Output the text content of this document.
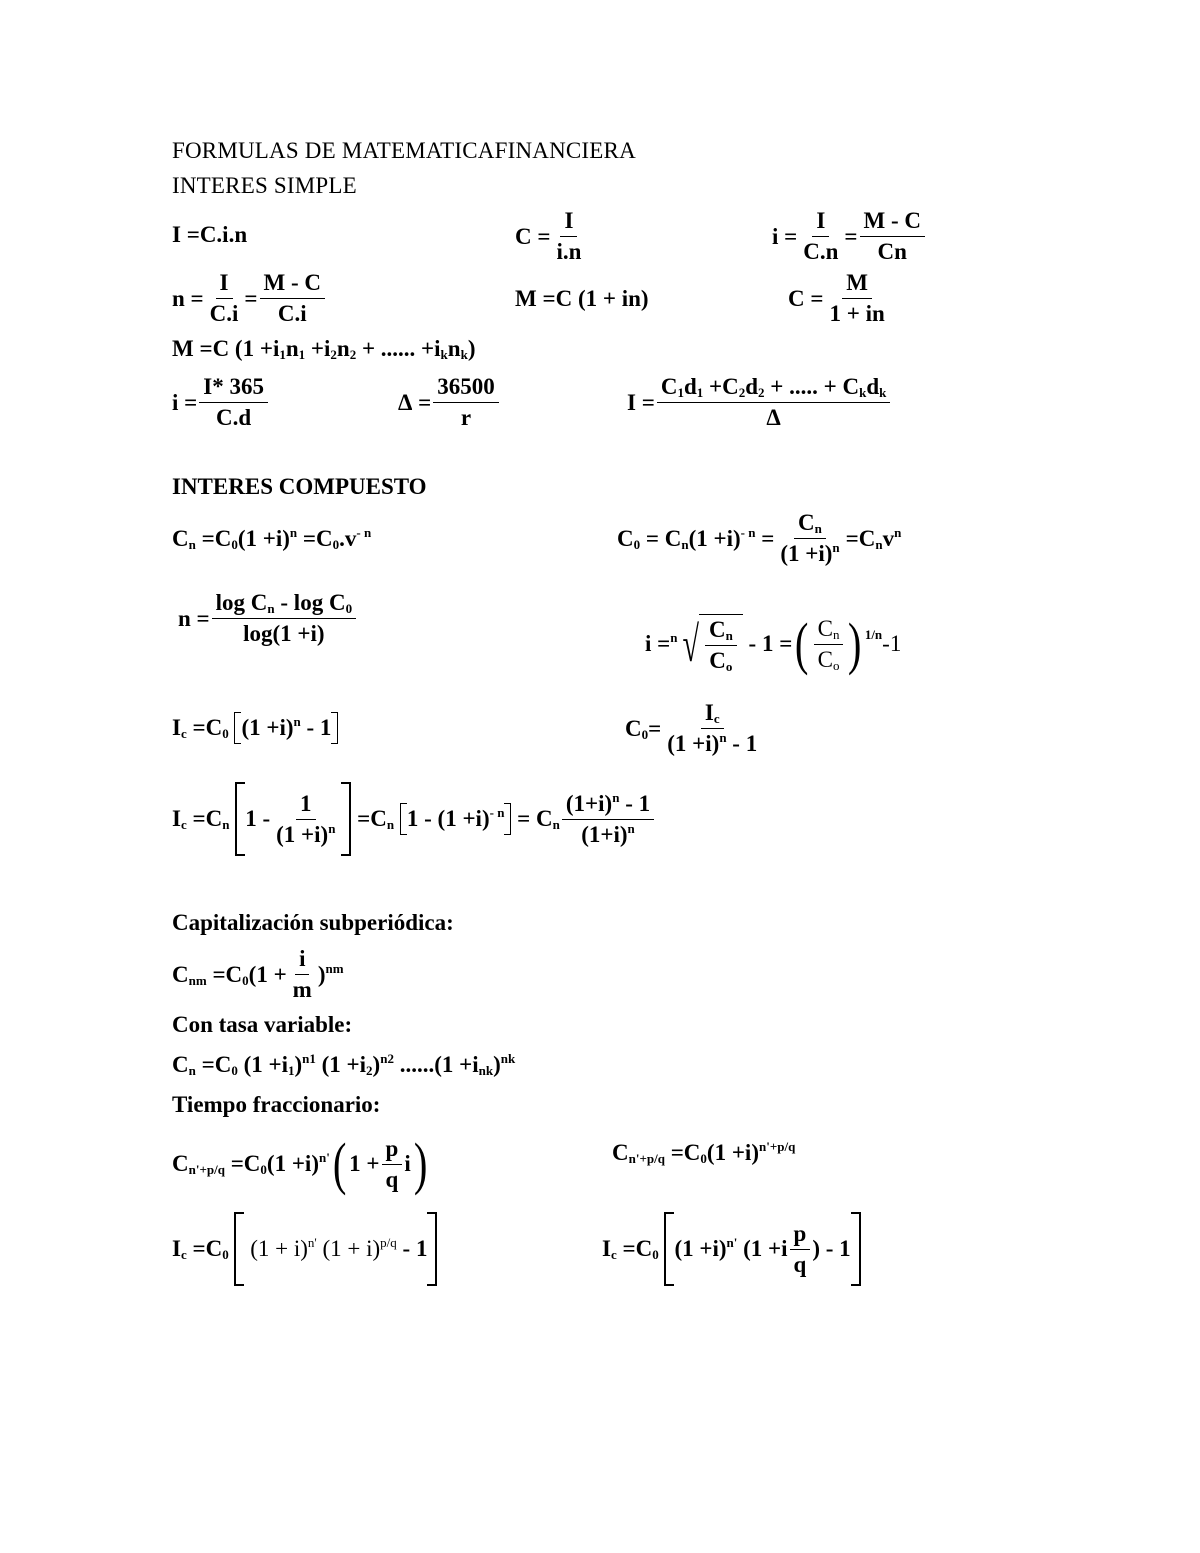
FORMULAS DE MATEMATICAFINANCIERA
INTERES SIMPLE
I = C.i.n	$C = \frac{I}{i.n}$	$i = \frac{I}{C.n} = \frac{M - C}{Cn}$
$n = \frac{I}{C.i} = \frac{M - C}{C.i}$	M = C (1 + in)	$C = \frac{M}{1 + in}$
M =C ($1 +i_1n_1 +i_2n_2$ + ...... $+i_kn_k$)
$i = \frac{I* 365}{C.d}$	$\Delta = \frac{36500}{r}$	$I = \frac{C_1d_1 +C_2d_2 + ..... + C_kd_k}{\Delta}$
INTERES COMPUESTO
$C_n =C_0(1 +i)^n =C_0.v^{- n}$	$C_0 = C_n(1 +i)^{- n} = \frac{C_n}{(1 +i)^n} =C_nv^n$
$n = \frac{\log C_n - \log C_0}{\log(1 +i)}$	i = n √ $\frac{C_n}{C_o} - 1$ = ( $\frac{C_n}{C_o} )^{1/n}$ -1
$I_c =C_0$ $(1 +i)^n - 1$	$C_0= \frac{I_c}{(1 +i)^n - 1}$
$I_c =C_n$ $1 - \frac{1}{(1 +i)^n} =C_n$ $1 - (1 +i)^{- n} = C_n \frac{(1+i)^n - 1}{(1+i)^n}$
Capitalización subperiódica:
$C_{nm} =C_0(1 + \frac{i}{m} )^{nm}$
Con tasa variable:
$C_n =C_0$ $(1 +i_1)^{n1}$ $(1 +i_2)^{n2}$ $......(1 +i_{nk})^{nk}$
Tiempo fraccionario:
$C_{n'+p/q} =C_0(1 +i)^{n'}$ ( $1 + \frac{p}{q}$ i )	$C_{n'+p/q} =C_0(1 +i)^{n'+p/q}$
$I_c =C_0$ $(1 + i)^{n'}$ $(1 + i)^{p/q} - 1$	$I_c =C_0$ $(1 +i)^{n'}$ ($1 +i \frac{p}{q}$ ) - 1
